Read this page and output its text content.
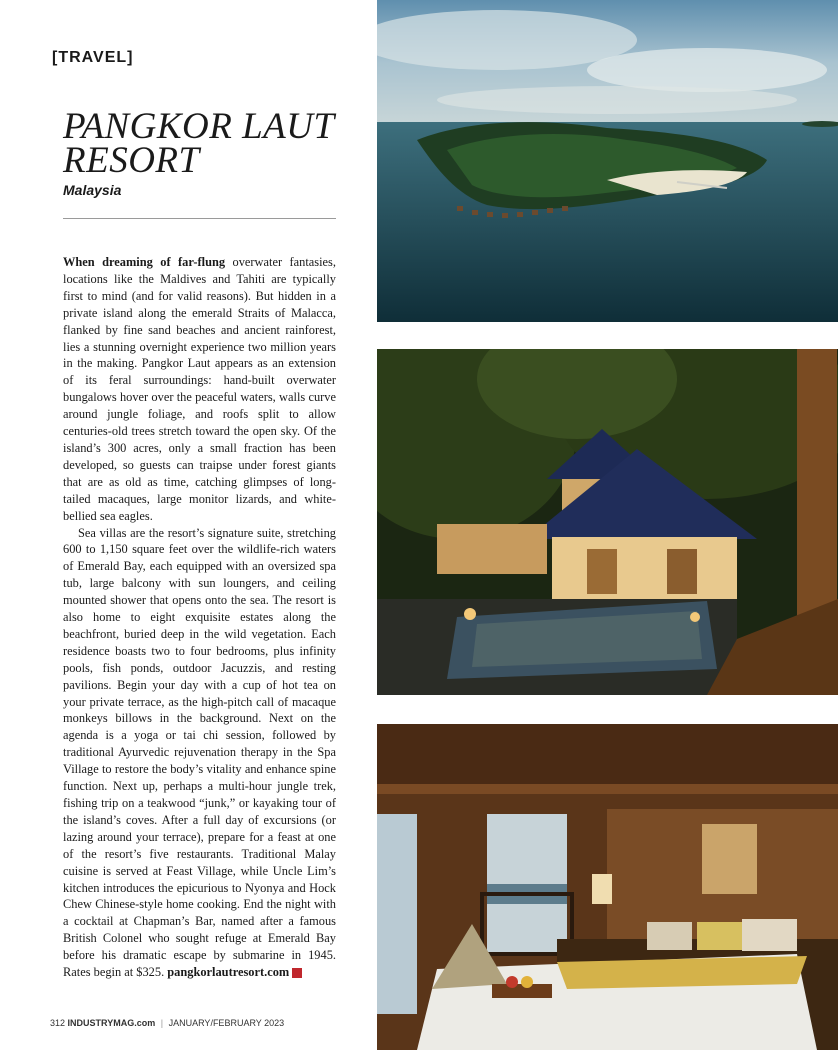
[TRAVEL]
PANGKOR LAUT
RESORT
Malaysia

When dreaming of far-flung overwater fantasies, locations like the Maldives and Tahiti are typically first to mind (and for valid reasons). But hidden in a private island along the emerald Straits of Malacca, flanked by fine sand beaches and ancient rainforest, lies a stunning overnight experience two million years in the making. Pangkor Laut appears as an extension of its feral surroundings: hand-built overwater bungalows hover over the peaceful waters, walls curve around jungle foliage, and roofs split to allow centuries-old trees stretch toward the open sky. Of the island’s 300 acres, only a small fraction has been developed, so guests can traipse under forest giants that are as old as time, catching glimpses of long-tailed macaques, large monitor lizards, and white-bellied sea eagles.

Sea villas are the resort’s signature suite, stretching 600 to 1,150 square feet over the wildlife-rich waters of Emerald Bay, each equipped with an oversized spa tub, large balcony with sun loungers, and ceiling mounted shower that opens onto the sea. The resort is also home to eight exquisite estates along the beachfront, buried deep in the wild vegetation. Each residence boasts two to four bedrooms, plus infinity pools, fish ponds, outdoor Jacuzzis, and resting pavilions. Begin your day with a cup of hot tea on your private terrace, as the high-pitch call of macaque monkeys billows in the background. Next on the agenda is a yoga or tai chi session, followed by traditional Ayurvedic rejuvenation therapy in the Spa Village to restore the body’s vitality and enhance spine function. Next up, perhaps a multi-hour jungle trek, fishing trip on a teakwood “junk,” or kayaking tour of the island’s coves. After a full day of excursions (or lazing around your terrace), prepare for a feast at one of the resort’s five restaurants. Traditional Malay cuisine is served at Feast Village, while Uncle Lim’s kitchen introduces the epicurious to Nyonya and Hock Chew Chinese-style home cooking. End the night with a cocktail at Chapman’s Bar, named after a famous British Colonel who sought refuge at Emerald Bay before his dramatic escape by submarine in 1945. Rates begin at $325. pangkorlautresort.com I

312 INDUSTRYMAG.com | JANUARY/FEBRUARY 2023
